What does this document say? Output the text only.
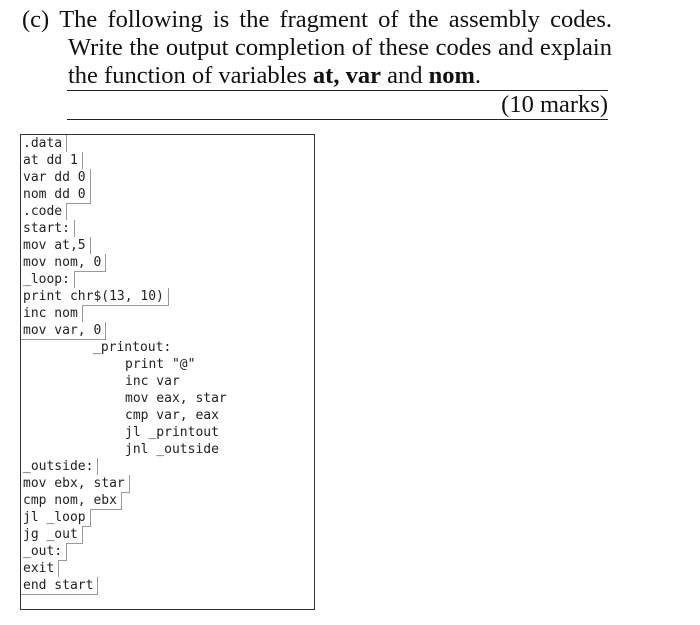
(c) The following is the fragment of the assembly codes.
Write the output completion of these codes and explain
the function of variables at, var and nom.
(10 marks)
.data
at dd 1
var dd 0
nom dd 0
.code
start:
mov at,5
mov nom, 0
_loop:
print chr$(13, 10)
inc nom
mov var, 0
_printout:
print "@"
inc var
mov eax, star
cmp var, eax
jl _printout
jnl _outside
_outside:
mov ebx, star
cmp nom, ebx
jl _loop
jg _out
_out:
exit
end start
